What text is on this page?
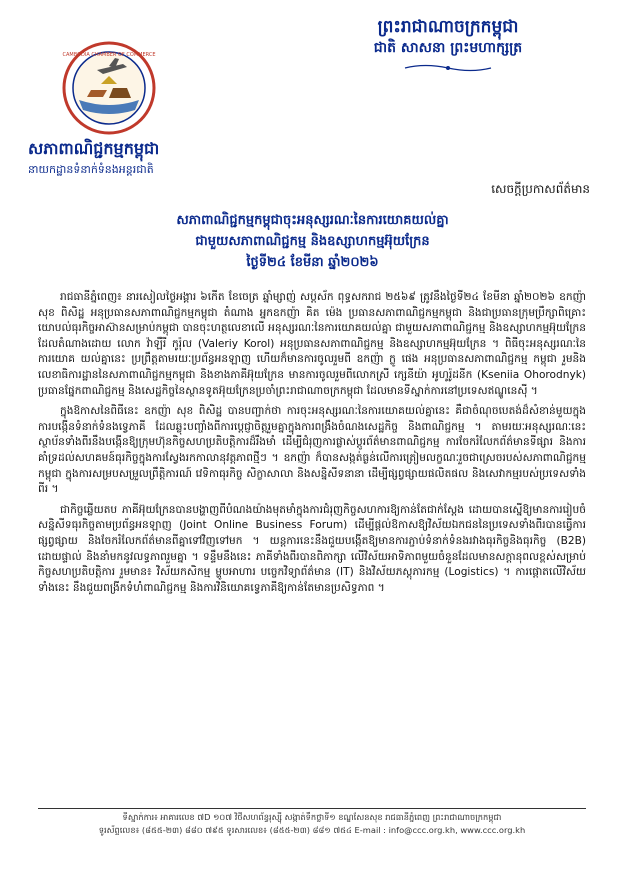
ព្រះរាជាណាចក្រកម្ពុជា
ជាតិ សាសនា ព្រះមហាក្សត្រ
CAMBODIA CHAMBER OF COMMERCE
សភាពាណិជ្ជកម្មកម្ពុជា
នាយកដ្ឋានទំនាក់ទំនងអន្តរជាតិ
សេចក្តីប្រកាសព័ត៌មាន
សភាពាណិជ្ជកម្មកម្ពុជាចុះអនុស្សរណៈនៃការយោគយល់គ្នា
ជាមួយសភាពាណិជ្ជកម្ម និងឧស្សាហកម្មអ៊ុយក្រែន
ថ្ងៃទី២៤ ខែមីនា ឆ្នាំ២០២៦

រាជធានីភ្នំពេញ៖ នារសៀលថ្ងៃអង្គារ ៦កើត ខែចេត្រ ឆ្នាំម្សាញ់ សប្តស័ក ពុទ្ធសករាជ ២៥៦៩ ត្រូវនឹងថ្ងៃទី២៤ ខែមីនា ឆ្នាំ២០២៦ ឧកញ៉ា សុខ ពិសិដ្ឋ អនុប្រធានសភាពាណិជ្ជកម្មកម្ពុជា តំណាង អ្នកឧកញ៉ា គិត ម៉េង ប្រធានសភាពាណិជ្ជកម្មកម្ពុជា និងជាប្រធានក្រុមប្រឹក្សាពិគ្រោះយោបល់ធុរកិច្ចអាស៊ានសម្រាប់កម្ពុជា បានចុះហត្ថលេខាលើ អនុស្សរណៈនៃការយោគយល់គ្នា ជាមួយសភាពាណិជ្ជកម្ម និងឧស្សាហកម្មអ៊ុយក្រែនដែលតំណាងដោយ លោក វ៉ាឡឺរី កូរ៉ុល (Valeriy Korol) អនុប្រធានសភាពាណិជ្ជកម្ម និងឧស្សាហកម្មអ៊ុយក្រែន ។ ពិធីចុះអនុស្សរណៈនៃការយោគ យល់គ្នានេះ ប្រព្រឹត្តតាមរយៈប្រព័ន្ធអនឡាញ ហើយក៏មានការចូលរួមពី ឧកញ៉ា ក្លូ ផេង អនុប្រធានសភាពាណិជ្ជកម្ម កម្ពុជា រួមនិងលេខាធិការដ្ឋាននៃសភាពាណិជ្ជកម្មកម្ពុជា និងខាងភាគីអ៊ុយក្រែន មានការចូលរួមពីលោកស្រី ក្សេនីយ៉ា អូហូរ៉ូដនីក (Kseniia Ohorodnyk) ប្រធានផ្នែកពាណិជ្ជកម្ម និងសេដ្ឋកិច្ចនៃស្ថានទូតអ៊ុយក្រែនប្រចាំព្រះរាជាណាចក្រកម្ពុជា ដែលមានទីស្នាក់ការនៅប្រទេសឥណ្ឌូនេស៊ី ។

ក្នុងឱកាសនៃពិធីនេះ ឧកញ៉ា សុខ ពិសិដ្ឋ បានបញ្ជាក់ថា ការចុះអនុស្សរណៈនៃការយោគយល់គ្នានេះ គឺជាចំណុចបេតង់ដ៏សំខាន់មួយក្នុងការបង្កើនទំនាក់ទំនងទ្វេភាគី ដែលឆ្លុះបញ្ចាំងពីការប្តេជ្ញាចិត្តរួមគ្នាក្នុងការពង្រឹងចំណងសេដ្ឋកិច្ច និងពាណិជ្ជកម្ម ។ តាមរយៈអនុស្សរណៈនេះ ស្ថាប័នទាំងពីរនឹងបង្កើនឱ្យក្រុមហ៊ុនកិច្ចសហប្រតិបត្តិការដ៏រឹងមាំ ដើម្បីជំរុញការផ្លាស់ប្តូរព័ត៌មានពាណិជ្ជកម្ម ការចែករំលែកព័ត៌មានទីផ្សារ និងការគាំទ្រដល់សហគមន៍ធុរកិច្ចក្នុងការស្វែងរកកាលានុវត្តភាពថ្មីៗ ។ ឧកញ៉ា ក៏បានសង្កត់ធ្ងន់លើការត្រៀមលក្ខណៈរួចជាស្រេចរបស់សភាពាណិជ្ជកម្មកម្ពុជា ក្នុងការសម្របសម្រួលព្រឹត្តិការណ៍ វេទិកាធុរកិច្ច សិក្ខាសាលា និងសន្និសីទនានា ដើម្បីផ្សព្វផ្សាយផលិតផល និងសេវាកម្មរបស់ប្រទេសទាំងពីរ ។

ជាកិច្ចឆ្លើយតប ភាគីអ៊ុយក្រែនបានបង្ហាញពីបំណងយ៉ាងមុតមាំក្នុងការជំរុញកិច្ចសហការឱ្យកាន់តែជាក់ស្តែង ដោយបានស្នើឱ្យមានការរៀបចំសន្និសីទធុរកិច្ចតាមប្រព័ន្ធអនឡាញ (Joint Online Business Forum) ដើម្បីផ្តល់ឱកាសឱ្យវិស័យឯកជននៃប្រទេសទាំងពីរបានធ្វើការផ្សព្វផ្សាយ និងចែករំលែកព័ត៌មានពីគ្នាទៅវិញទៅមក ។ យន្តការនេះនឹងជួយបង្កើតឱ្យមានការភ្ជាប់ទំនាក់ទំនងរវាងធុរកិច្ចនិងធុរកិច្ច (B2B) ដោយផ្ទាល់ និងនាំមកនូវលទ្ធភាពរួមគ្នា ។ ទន្ទឹមនឹងនេះ ភាគីទាំងពីរបានពិភាក្សា លើវិស័យអាទិភាពមួយចំនួនដែលមានសក្តានុពលខ្ពស់សម្រាប់កិច្ចសហប្រតិបត្តិការ រួមមាន៖ វិស័យកសិកម្ម ម្ហូបអាហារ បច្ចេកវិទ្យាព័ត៌មាន (IT) និងវិស័យភស្តុភារកម្ម (Logistics) ។ ការផ្តោតលើវិស័យទាំងនេះ នឹងជួយពង្រីកទំហំពាណិជ្ជកម្ម និងការវិនិយោគទ្វេភាគីឱ្យកាន់តែមានប្រសិទ្ធភាព ។

ទីស្នាក់ការ៖ អាគារលេខ ៧D ១០៧ វិថីសហព័ន្ធរុស្ស៊ី សង្កាត់ទឹកថ្លាទី១ ខណ្ឌសែនសុខ រាជធានីភ្នំពេញ ព្រះរាជាណាចក្រកម្ពុជា
ទូរស័ព្ទលេខ៖ (៨៥៥-២៣) ៨៨០ ៧៩៥ ទូរសារលេខ៖ (៨៥៥-២៣) ៨៨១ ៧៥៤ E-mail : info@ccc.org.kh, www.ccc.org.kh
